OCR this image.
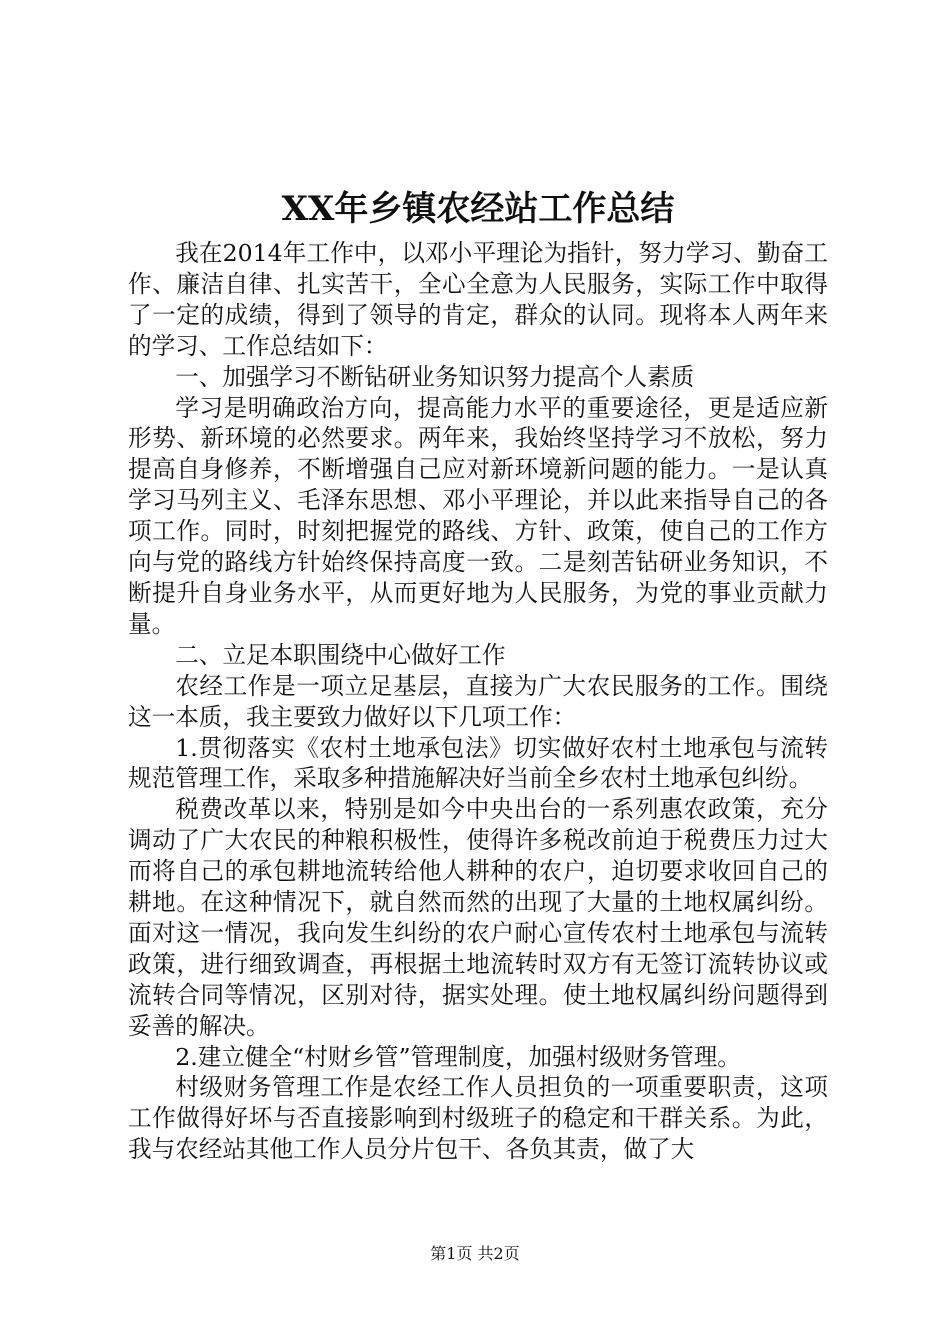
XX年乡镇农经站工作总结

我在2014年工作中，以邓小平理论为指针，努力学习、勤奋工作、廉洁自律、扎实苦干，全心全意为人民服务，实际工作中取得了一定的成绩，得到了领导的肯定，群众的认同。现将本人两年来的学习、工作总结如下：

一、加强学习不断钻研业务知识努力提高个人素质

学习是明确政治方向，提高能力水平的重要途径，更是适应新形势、新环境的必然要求。两年来，我始终坚持学习不放松，努力提高自身修养，不断增强自己应对新环境新问题的能力。一是认真学习马列主义、毛泽东思想、邓小平理论，并以此来指导自己的各项工作。同时，时刻把握党的路线、方针、政策，使自己的工作方向与党的路线方针始终保持高度一致。二是刻苦钻研业务知识，不断提升自身业务水平，从而更好地为人民服务，为党的事业贡献力量。

二、立足本职围绕中心做好工作

农经工作是一项立足基层，直接为广大农民服务的工作。围绕这一本质，我主要致力做好以下几项工作：

1.贯彻落实《农村土地承包法》切实做好农村土地承包与流转规范管理工作，采取多种措施解决好当前全乡农村土地承包纠纷。

税费改革以来，特别是如今中央出台的一系列惠农政策，充分调动了广大农民的种粮积极性，使得许多税改前迫于税费压力过大而将自己的承包耕地流转给他人耕种的农户，迫切要求收回自己的耕地。在这种情况下，就自然而然的出现了大量的土地权属纠纷。面对这一情况，我向发生纠纷的农户耐心宣传农村土地承包与流转政策，进行细致调查，再根据土地流转时双方有无签订流转协议或流转合同等情况，区别对待，据实处理。使土地权属纠纷问题得到妥善的解决。

2.建立健全“村财乡管”管理制度，加强村级财务管理。

村级财务管理工作是农经工作人员担负的一项重要职责，这项工作做得好坏与否直接影响到村级班子的稳定和干群关系。为此，我与农经站其他工作人员分片包干、各负其责，做了大

第1页 共2页
